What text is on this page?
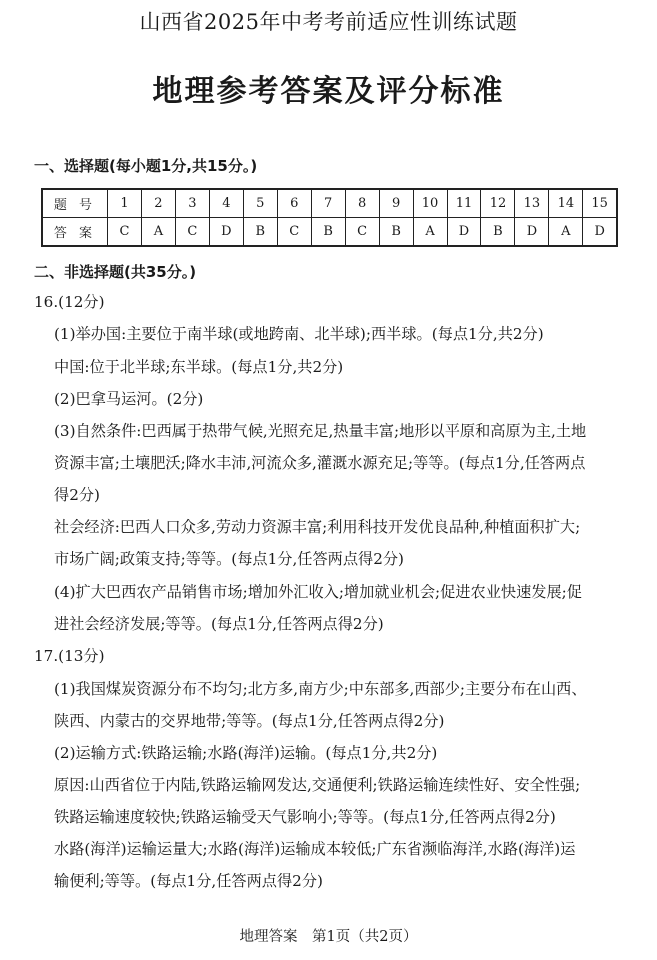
山西省2025年中考考前适应性训练试题
地理参考答案及评分标准
一、选择题(每小题1分,共15分。)
题 号	1	2	3	4	5	6	7	8	9	10	11	12	13	14	15
答 案	C	A	C	D	B	C	B	C	B	A	D	B	D	A	D
二、非选择题(共35分。)
16.(12分)
(1)举办国:主要位于南半球(或地跨南、北半球);西半球。(每点1分,共2分)
中国:位于北半球;东半球。(每点1分,共2分)
(2)巴拿马运河。(2分)
(3)自然条件:巴西属于热带气候,光照充足,热量丰富;地形以平原和高原为主,土地
资源丰富;土壤肥沃;降水丰沛,河流众多,灌溉水源充足;等等。(每点1分,任答两点
得2分)
社会经济:巴西人口众多,劳动力资源丰富;利用科技开发优良品种,种植面积扩大;
市场广阔;政策支持;等等。(每点1分,任答两点得2分)
(4)扩大巴西农产品销售市场;增加外汇收入;增加就业机会;促进农业快速发展;促
进社会经济发展;等等。(每点1分,任答两点得2分)
17.(13分)
(1)我国煤炭资源分布不均匀;北方多,南方少;中东部多,西部少;主要分布在山西、
陕西、内蒙古的交界地带;等等。(每点1分,任答两点得2分)
(2)运输方式:铁路运输;水路(海洋)运输。(每点1分,共2分)
原因:山西省位于内陆,铁路运输网发达,交通便利;铁路运输连续性好、安全性强;
铁路运输速度较快;铁路运输受天气影响小;等等。(每点1分,任答两点得2分)
水路(海洋)运输运量大;水路(海洋)运输成本较低;广东省濒临海洋,水路(海洋)运
输便利;等等。(每点1分,任答两点得2分)
地理答案　第1页（共2页）
